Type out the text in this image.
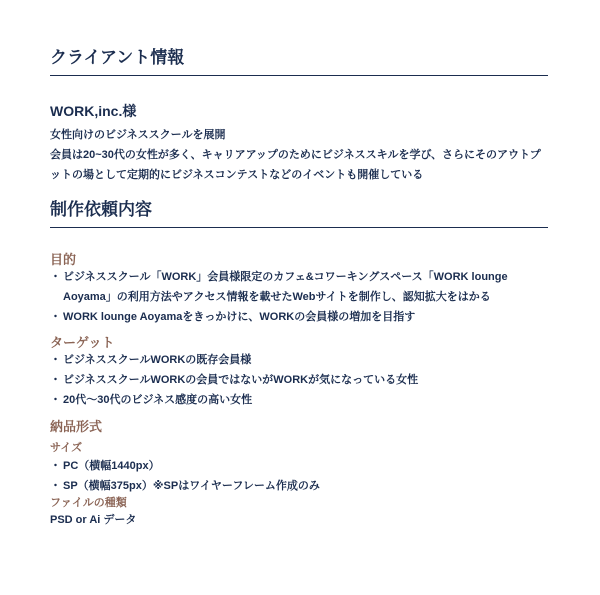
クライアント情報
WORK,inc.様

女性向けのビジネススクールを展開

会員は20~30代の女性が多く、キャリアアップのためにビジネススキルを学び、さらにそのアウトプットの場として定期的にビジネスコンテストなどのイベントも開催している

制作依頼内容
目的
・ ビジネススクール「WORK」会員様限定のカフェ&コワーキングスペース「WORK lounge Aoyama」の利用方法やアクセス情報を載せたWebサイトを制作し、認知拡大をはかる
・ WORK lounge Aoyamaをきっかけに、WORKの会員様の増加を目指す
ターゲット
・ ビジネススクールWORKの既存会員様
・ ビジネススクールWORKの会員ではないがWORKが気になっている女性
・ 20代〜30代のビジネス感度の高い女性
納品形式
サイズ
・ PC（横幅1440px）
・ SP（横幅375px）※SPはワイヤーフレーム作成のみ
ファイルの種類

PSD or Ai データ
